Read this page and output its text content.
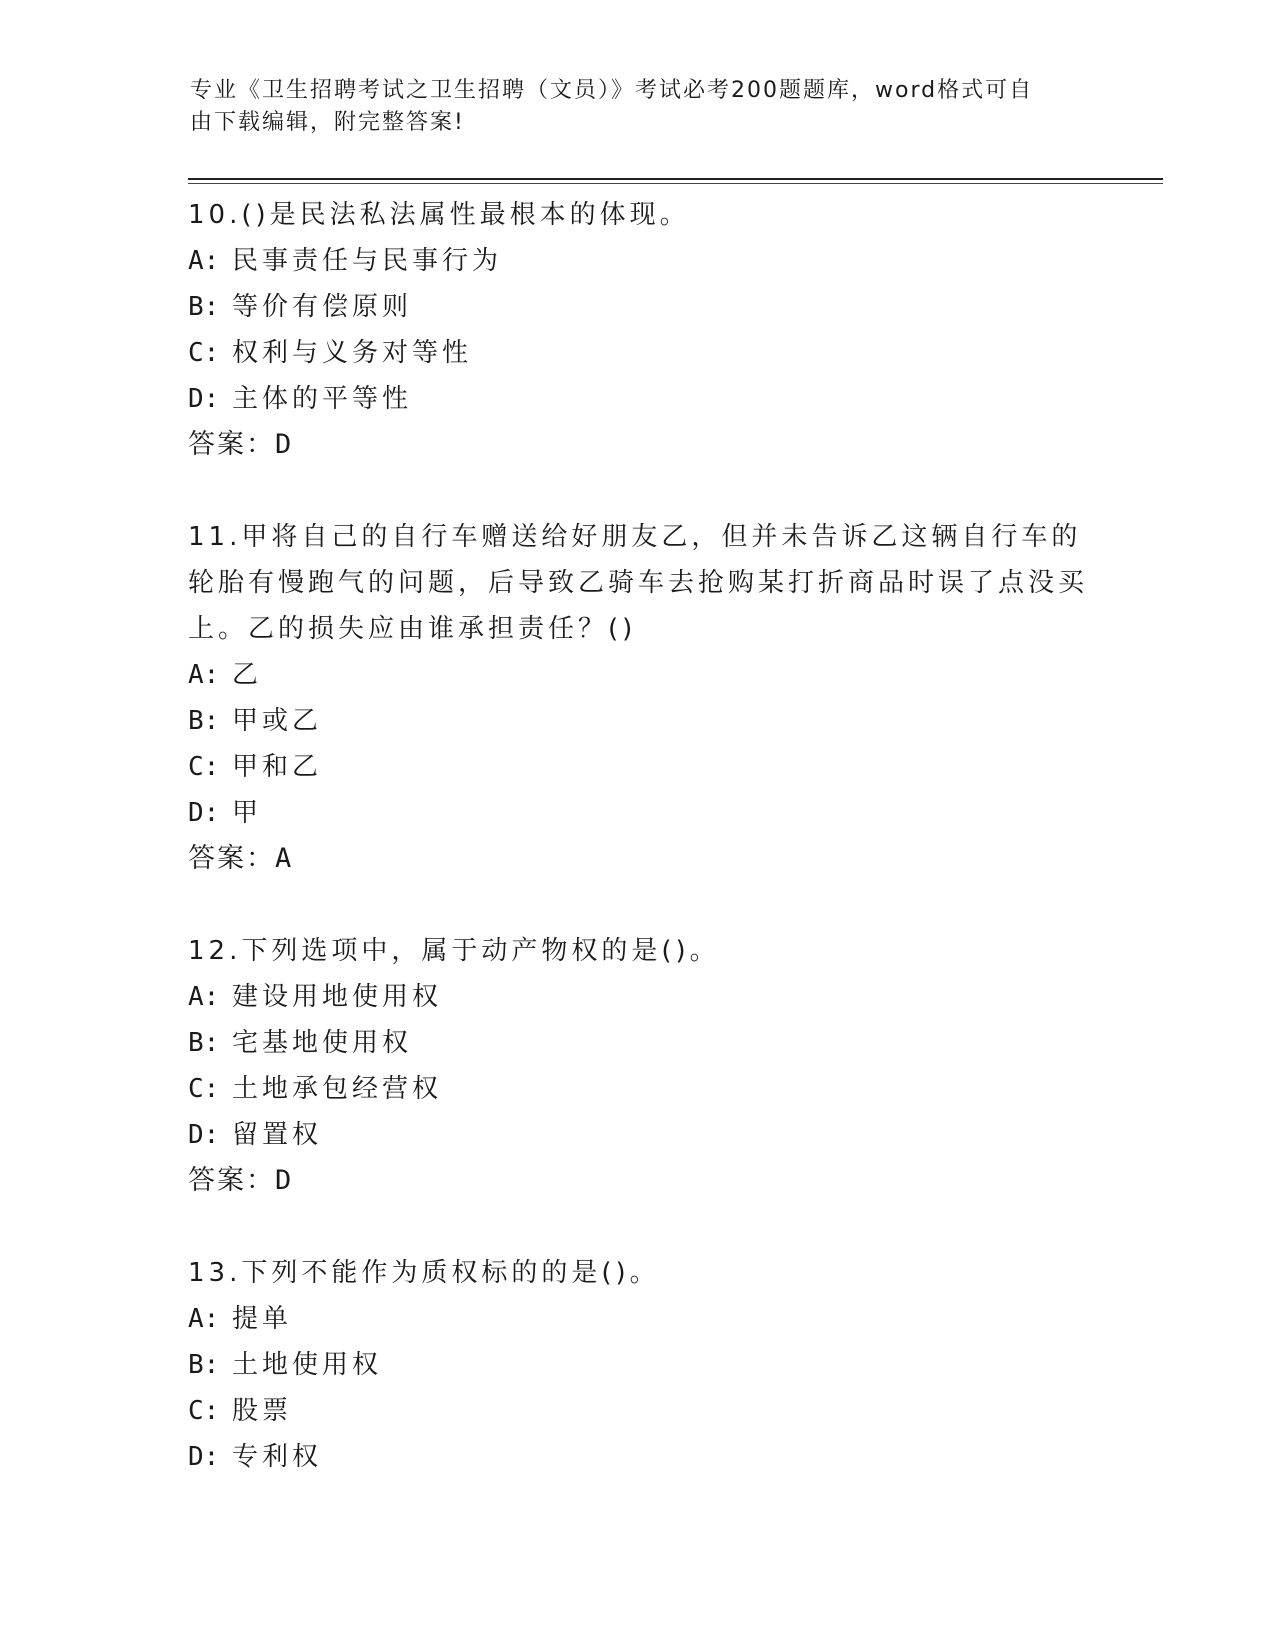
专业《卫生招聘考试之卫生招聘（文员）》考试必考200题题库，word格式可自
由下载编辑，附完整答案!

10.()是民法私法属性最根本的体现。

A: 民事责任与民事行为

B: 等价有偿原则

C: 权利与义务对等性

D: 主体的平等性

答案：D

11.甲将自己的自行车赠送给好朋友乙，但并未告诉乙这辆自行车的轮胎有慢跑气的问题，后导致乙骑车去抢购某打折商品时误了点没买上。乙的损失应由谁承担责任？()

A: 乙

B: 甲或乙

C: 甲和乙

D: 甲

答案：A

12.下列选项中，属于动产物权的是()。

A: 建设用地使用权

B: 宅基地使用权

C: 土地承包经营权

D: 留置权

答案：D

13.下列不能作为质权标的的是()。

A: 提单

B: 土地使用权

C: 股票

D: 专利权
